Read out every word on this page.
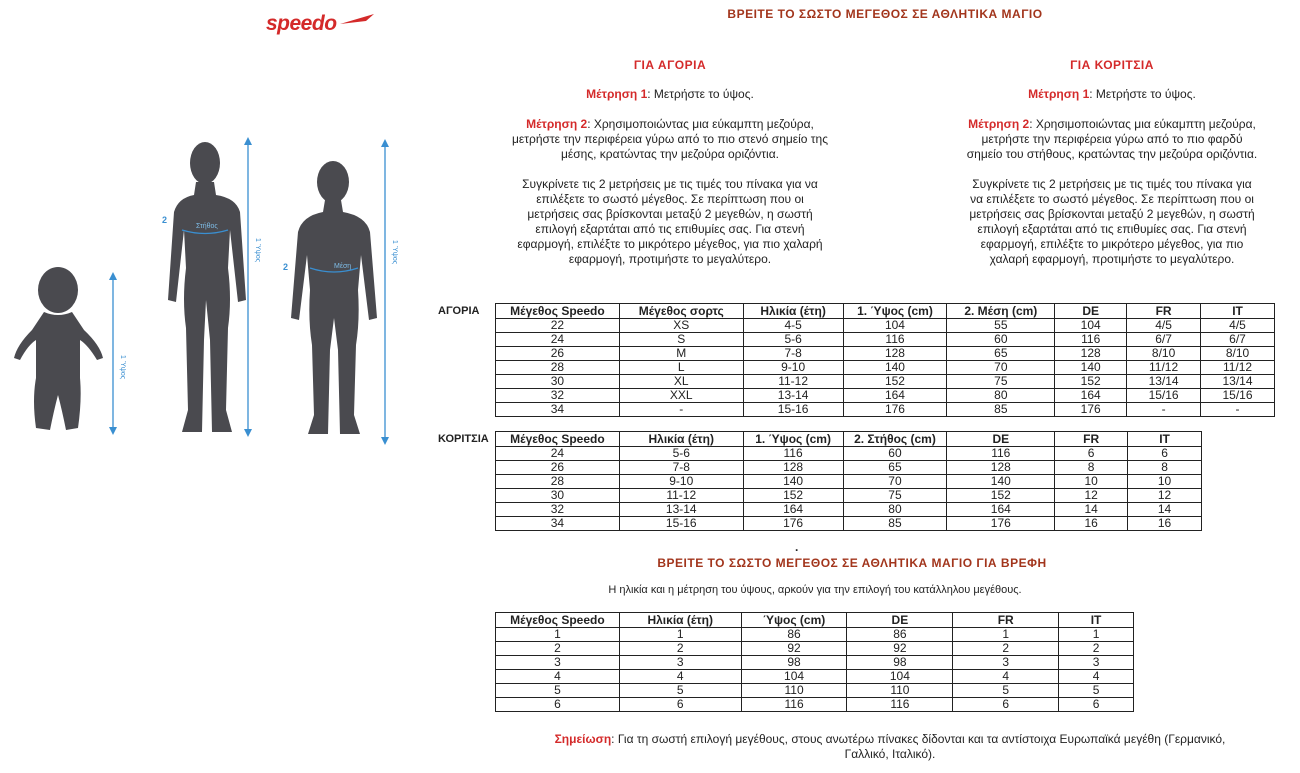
speedo	ΒΡΕΙΤΕ ΤΟ ΣΩΣΤΟ ΜΕΓΕΘΟΣ ΣΕ ΑΘΛΗΤΙΚΑ ΜΑΓΙΟ
2
Στήθος
2	Μέση
1 Ύψος
1 Ύψος	1 Ύψος
ΓΙΑ ΑΓΟΡΙΑ
Μέτρηση 1: Μετρήστε το ύψος.
Μέτρηση 2: Χρησιμοποιώντας μια εύκαμπτη μεζούρα,
μετρήστε την περιφέρεια γύρω από το πιο στενό σημείο της
μέσης, κρατώντας την μεζούρα οριζόντια.
Συγκρίνετε τις 2 μετρήσεις με τις τιμές του πίνακα για να
επιλέξετε το σωστό μέγεθος. Σε περίπτωση που οι
μετρήσεις σας βρίσκονται μεταξύ 2 μεγεθών, η σωστή
επιλογή εξαρτάται από τις επιθυμίες σας. Για στενή
εφαρμογή, επιλέξτε το μικρότερο μέγεθος, για πιο χαλαρή
εφαρμογή, προτιμήστε το μεγαλύτερο.
ΓΙΑ ΚΟΡΙΤΣΙΑ
Μέτρηση 1: Μετρήστε το ύψος.
Μέτρηση 2: Χρησιμοποιώντας μια εύκαμπτη μεζούρα,
μετρήστε την περιφέρεια γύρω από το πιο φαρδύ
σημείο του στήθους, κρατώντας την μεζούρα οριζόντια.
Συγκρίνετε τις 2 μετρήσεις με τις τιμές του πίνακα για
να επιλέξετε το σωστό μέγεθος. Σε περίπτωση που οι
μετρήσεις σας βρίσκονται μεταξύ 2 μεγεθών, η σωστή
επιλογή εξαρτάται από τις επιθυμίες σας. Για στενή
εφαρμογή, επιλέξτε το μικρότερο μέγεθος, για πιο
χαλαρή εφαρμογή, προτιμήστε το μεγαλύτερο.
ΑΓΟΡΙΑ	Μέγεθος Speedo	Μέγεθος σορτς	Ηλικία (έτη)	1. Ύψος (cm)	2. Μέση (cm)	DE	FR	IT
22	XS	4-5	104	55	104	4/5	4/5
24	S	5-6	116	60	116	6/7	6/7
26	M	7-8	128	65	128	8/10	8/10
28	L	9-10	140	70	140	11/12	11/12
30	XL	11-12	152	75	152	13/14	13/14
32	XXL	13-14	164	80	164	15/16	15/16
34	-	15-16	176	85	176	-	-
ΚΟΡΙΤΣΙΑ Μέγεθος Speedo	Ηλικία (έτη)	1. Ύψος (cm)	2. Στήθος (cm)	DE	FR	IT
24	5-6	116	60	116	6	6
26	7-8	128	65	128	8	8
28	9-10	140	70	140	10	10
30	11-12	152	75	152	12	12
32	13-14	164	80	164	14	14
34	15-16	176	85	176	16	16
.
ΒΡΕΙΤΕ ΤΟ ΣΩΣΤΟ ΜΕΓΕΘΟΣ ΣΕ ΑΘΛΗΤΙΚΑ ΜΑΓΙΟ ΓΙΑ ΒΡΕΦΗ
Η ηλικία και η μέτρηση του ύψους, αρκούν για την επιλογή του κατάλληλου μεγέθους.
Μέγεθος Speedo	Ηλικία (έτη)	Ύψος (cm)	DE	FR	IT
1	1	86	86	1	1
2	2	92	92	2	2
3	3	98	98	3	3
4	4	104	104	4	4
5	5	110	110	5	5
6	6	116	116	6	6
Σημείωση: Για τη σωστή επιλογή μεγέθους, στους ανωτέρω πίνακες δίδονται και τα αντίστοιχα Ευρωπαϊκά μεγέθη (Γερμανικό,
Γαλλικό, Ιταλικό).
